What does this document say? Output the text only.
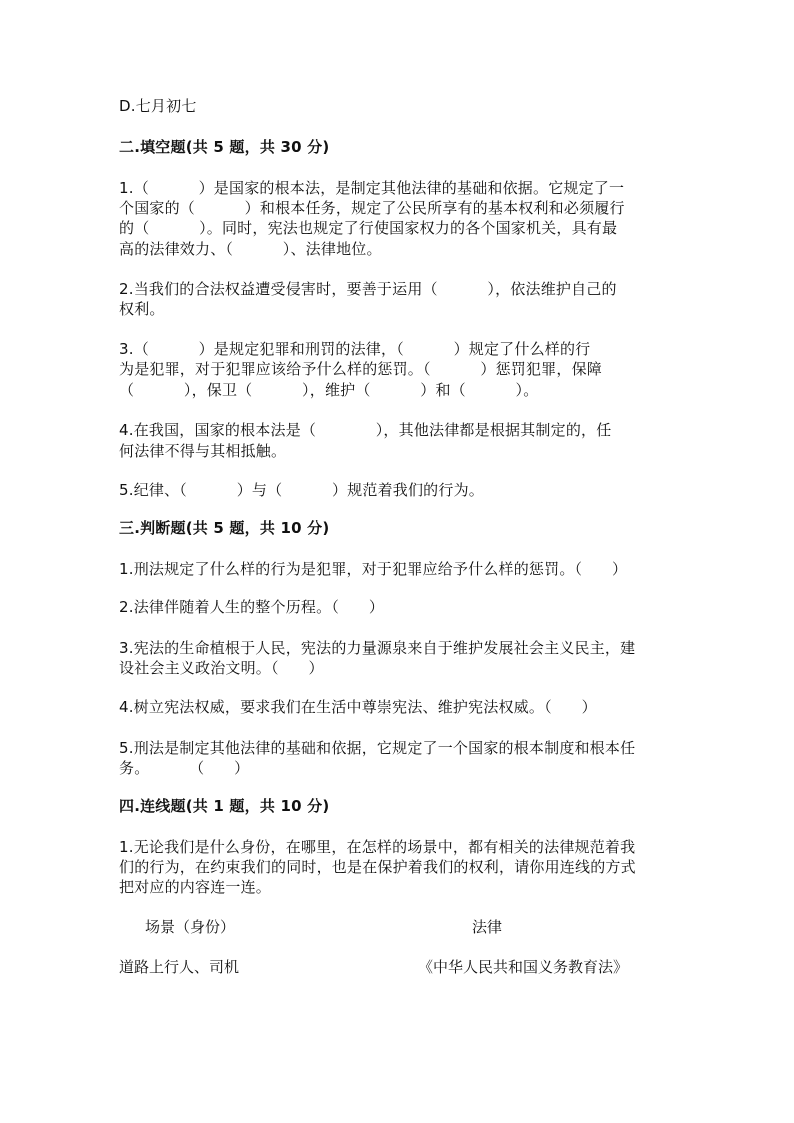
D.七月初七
二.填空题(共 5 题，共 30 分)
1.（          ）是国家的根本法，是制定其他法律的基础和依据。它规定了一
个国家的（          ）和根本任务，规定了公民所享有的基本权利和必须履行
的（          ）。同时，宪法也规定了行使国家权力的各个国家机关，具有最
高的法律效力、（          ）、法律地位。
2.当我们的合法权益遭受侵害时，要善于运用（          ），依法维护自己的
权利。
3.（          ）是规定犯罪和刑罚的法律，（          ）规定了什么样的行
为是犯罪，对于犯罪应该给予什么样的惩罚。（          ）惩罚犯罪，保障
（          ），保卫（          ），维护（          ）和（          ）。
4.在我国，国家的根本法是（            ），其他法律都是根据其制定的，任
何法律不得与其相抵触。
5.纪律、（          ）与（          ）规范着我们的行为。
三.判断题(共 5 题，共 10 分)
1.刑法规定了什么样的行为是犯罪，对于犯罪应给予什么样的惩罚。（      ）
2.法律伴随着人生的整个历程。（      ）
3.宪法的生命植根于人民，宪法的力量源泉来自于维护发展社会主义民主，建
设社会主义政治文明。（      ）
4.树立宪法权威，要求我们在生活中尊崇宪法、维护宪法权威。（      ）
5.刑法是制定其他法律的基础和依据，它规定了一个国家的根本制度和根本任
务。        （      ）
四.连线题(共 1 题，共 10 分)
1.无论我们是什么身份，在哪里，在怎样的场景中，都有相关的法律规范着我
们的行为，在约束我们的同时，也是在保护着我们的权利，请你用连线的方式
把对应的内容连一连。
场景（身份）	法律
道路上行人、司机	《中华人民共和国义务教育法》
